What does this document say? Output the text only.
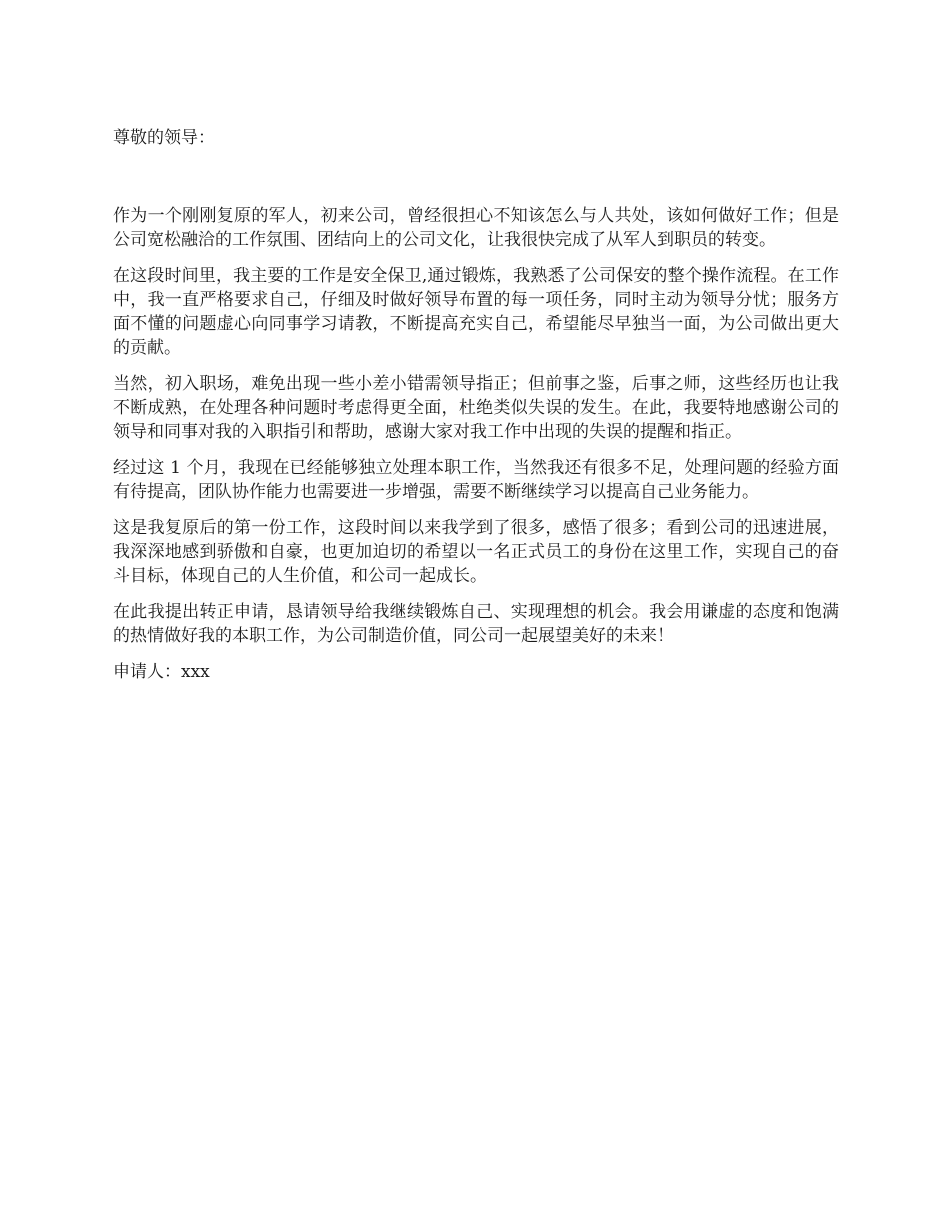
尊敬的领导：

作为一个刚刚复原的军人，初来公司，曾经很担心不知该怎么与人共处，该如何做好工作；但是公司宽松融洽的工作氛围、团结向上的公司文化，让我很快完成了从军人到职员的转变。

在这段时间里，我主要的工作是安全保卫,通过锻炼，我熟悉了公司保安的整个操作流程。在工作中，我一直严格要求自己，仔细及时做好领导布置的每一项任务，同时主动为领导分忧；服务方面不懂的问题虚心向同事学习请教，不断提高充实自己，希望能尽早独当一面，为公司做出更大的贡献。

当然，初入职场，难免出现一些小差小错需领导指正；但前事之鉴，后事之师，这些经历也让我不断成熟，在处理各种问题时考虑得更全面，杜绝类似失误的发生。在此，我要特地感谢公司的领导和同事对我的入职指引和帮助，感谢大家对我工作中出现的失误的提醒和指正。

经过这 1 个月，我现在已经能够独立处理本职工作，当然我还有很多不足，处理问题的经验方面有待提高，团队协作能力也需要进一步增强，需要不断继续学习以提高自己业务能力。

这是我复原后的第一份工作，这段时间以来我学到了很多，感悟了很多；看到公司的迅速进展，我深深地感到骄傲和自豪，也更加迫切的希望以一名正式员工的身份在这里工作，实现自己的奋斗目标，体现自己的人生价值，和公司一起成长。

在此我提出转正申请，恳请领导给我继续锻炼自己、实现理想的机会。我会用谦虚的态度和饱满的热情做好我的本职工作，为公司制造价值，同公司一起展望美好的未来！

申请人：xxx
